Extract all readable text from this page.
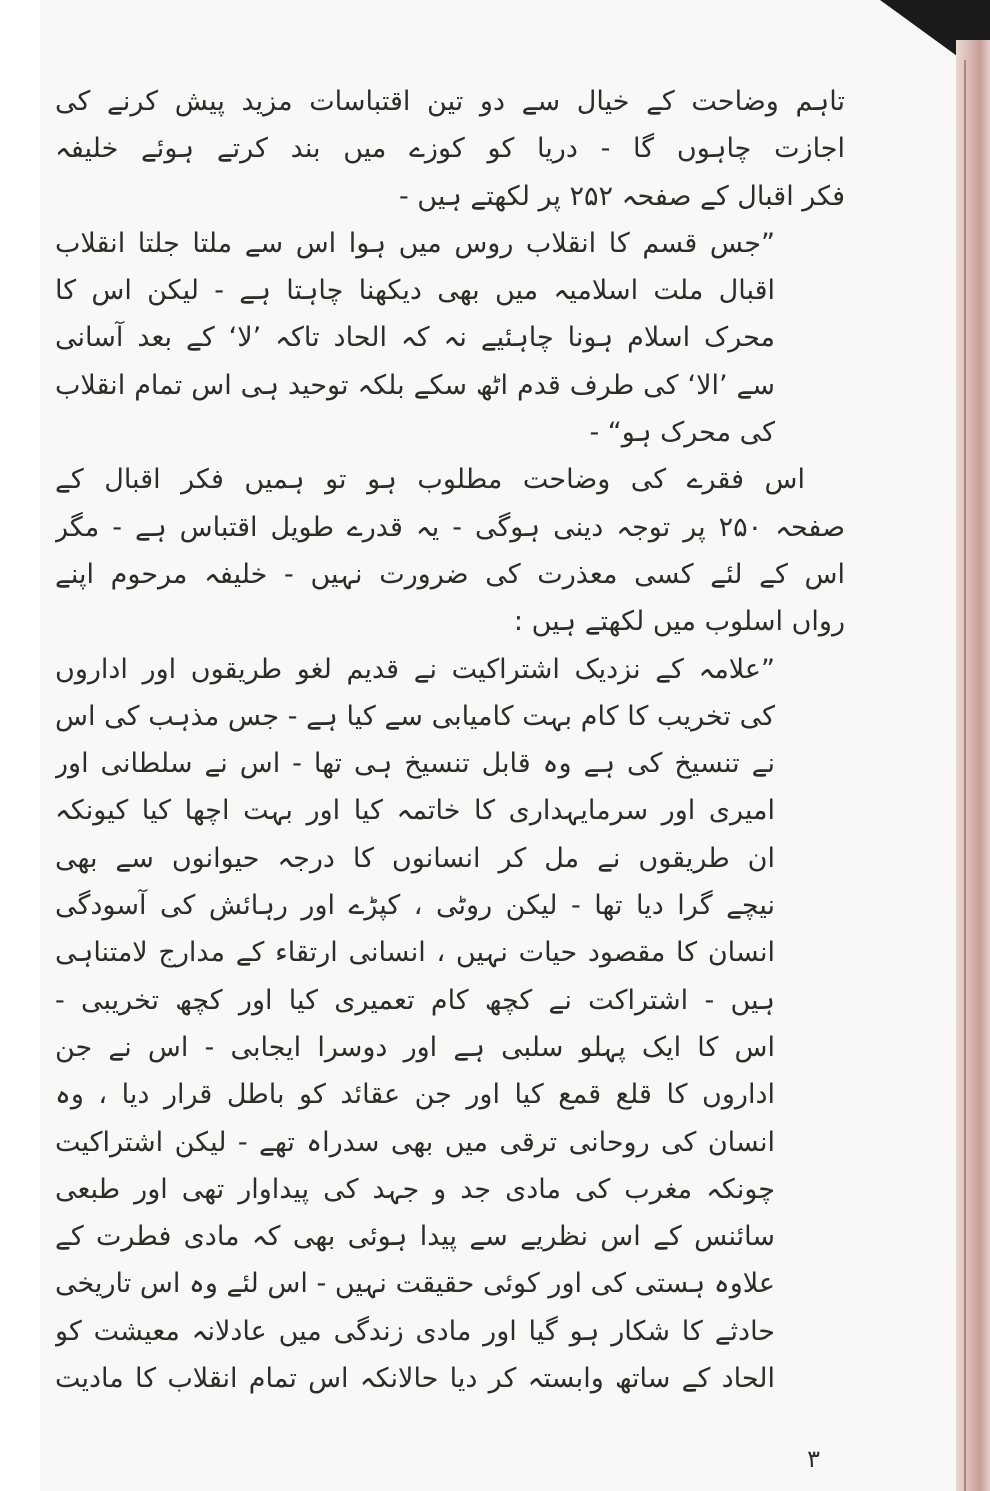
تاہم وضاحت کے خیال سے دو تین اقتباسات مزید پیش کرنے کی
اجازت چاہوں گا - دریا کو کوزے میں بند کرتے ہوئے خلیفہ
فکر اقبال کے صفحہ ۲۵۲ پر لکھتے ہیں -
”جس قسم کا انقلاب روس میں ہوا اس سے ملتا جلتا انقلاب
اقبال ملت اسلامیہ میں بھی دیکھنا چاہتا ہے - لیکن اس کا
محرک اسلام ہونا چاہئیے نہ کہ الحاد تاکہ ’لا‘ کے بعد آسانی
سے ’الا‘ کی طرف قدم اٹھ سکے بلکہ توحید ہی اس تمام انقلاب
کی محرک ہو“ -
اس فقرے کی وضاحت مطلوب ہو تو ہمیں فکر اقبال کے
صفحہ ۲۵۰ پر توجہ دینی ہوگی - یہ قدرے طویل اقتباس ہے - مگر
اس کے لئے کسی معذرت کی ضرورت نہیں - خلیفہ مرحوم اپنے
رواں اسلوب میں لکھتے ہیں :
”علامہ کے نزدیک اشتراکیت نے قدیم لغو طریقوں اور اداروں
کی تخریب کا کام بہت کامیابی سے کیا ہے - جس مذہب کی اس
نے تنسیخ کی ہے وہ قابل تنسیخ ہی تھا - اس نے سلطانی اور
امیری اور سرمایہداری کا خاتمہ کیا اور بہت اچھا کیا کیونکہ
ان طریقوں نے مل کر انسانوں کا درجہ حیوانوں سے بھی
نیچے گرا دیا تھا - لیکن روٹی ، کپڑے اور رہائش کی آسودگی
انسان کا مقصود حیات نہیں ، انسانی ارتقاء کے مدارج لامتناہی
ہیں - اشتراکت نے کچھ کام تعمیری کیا اور کچھ تخریبی -
اس کا ایک پہلو سلبی ہے اور دوسرا ایجابی - اس نے جن
اداروں کا قلع قمع کیا اور جن عقائد کو باطل قرار دیا ، وہ
انسان کی روحانی ترقی میں بھی سدراہ تھے - لیکن اشتراکیت
چونکہ مغرب کی مادی جد و جہد کی پیداوار تھی اور طبعی
سائنس کے اس نظریے سے پیدا ہوئی بھی کہ مادی فطرت کے
علاوہ ہستی کی اور کوئی حقیقت نہیں - اس لئے وہ اس تاریخی
حادثے کا شکار ہو گیا اور مادی زندگی میں عادلانہ معیشت کو
الحاد کے ساتھ وابستہ کر دیا حالانکہ اس تمام انقلاب کا مادیت
۳
